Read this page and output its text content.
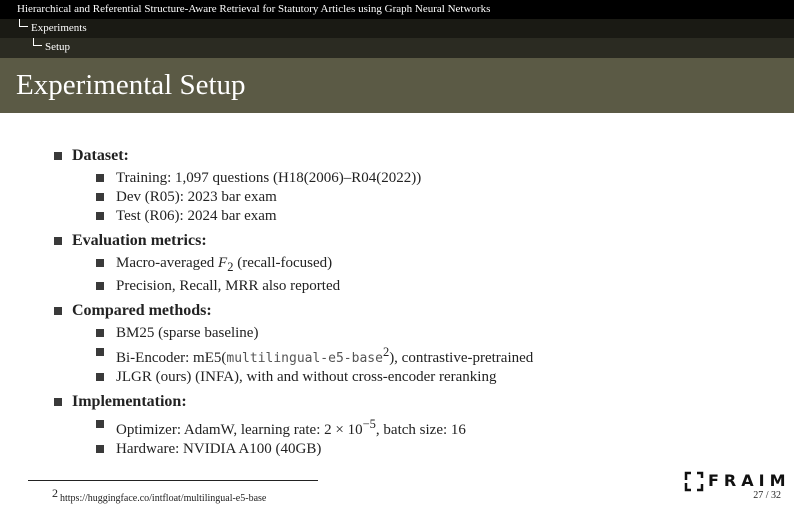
Hierarchical and Referential Structure-Aware Retrieval for Statutory Articles using Graph Neural Networks
Experiments
Setup
Experimental Setup
Dataset:
Training: 1,097 questions (H18(2006)–R04(2022))
Dev (R05): 2023 bar exam
Test (R06): 2024 bar exam
Evaluation metrics:
Macro-averaged $F_2$ (recall-focused)
Precision, Recall, MRR also reported
Compared methods:
BM25 (sparse baseline)
Bi-Encoder: mE5(multilingual-e5-base$^2$), contrastive-pretrained
JLGR (ours) (INFA), with and without cross-encoder reranking
Implementation:
Optimizer: AdamW, learning rate: $2 \times 10^{-5}$, batch size: 16
Hardware: NVIDIA A100 (40GB)
$^2$ https://huggingface.co/intfloat/multilingual-e5-base
FRAIM
27 / 32
